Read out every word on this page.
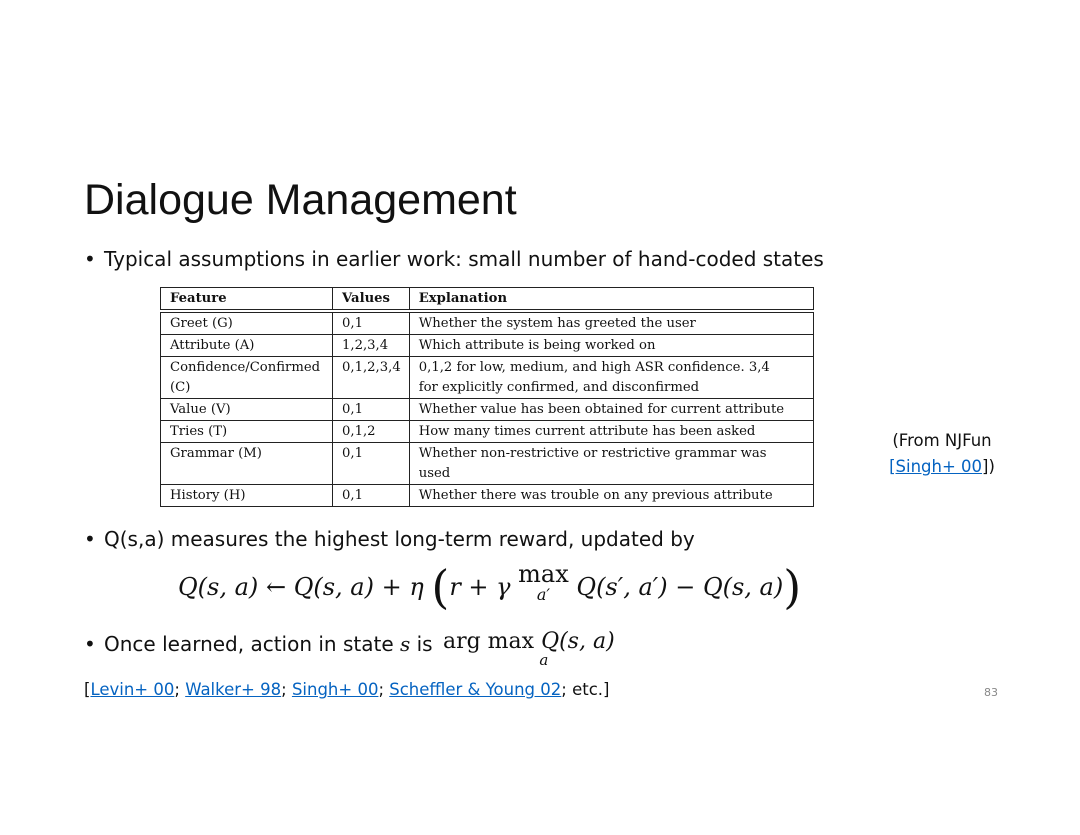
Dialogue Management
• Typical assumptions in earlier work: small number of hand-coded states
Feature	Values	Explanation
Greet (G)	0,1	Whether the system has greeted the user
Attribute (A)	1,2,3,4	Which attribute is being worked on
Confidence/Confirmed
(C)	0,1,2,3,4	0,1,2 for low, medium, and high ASR confidence. 3,4
for explicitly confirmed, and disconfirmed
Value (V)	0,1	Whether value has been obtained for current attribute
Tries (T)	0,1,2	How many times current attribute has been asked
Grammar (M)	0,1	Whether non-restrictive or restrictive grammar was
used
History (H)	0,1	Whether there was trouble on any previous attribute
(From NJFun
[Singh+ 00])
• Q(s,a) measures the highest long-term reward, updated by
Q(s, a) ← Q(s, a) + η (r + γ max
a′	Q(s′, a′) − Q(s, a))
• Once learned, action in state s is arg max Q(s, a)
a
[Levin+ 00; Walker+ 98; Singh+ 00; Scheffler & Young 02; etc.]	83
